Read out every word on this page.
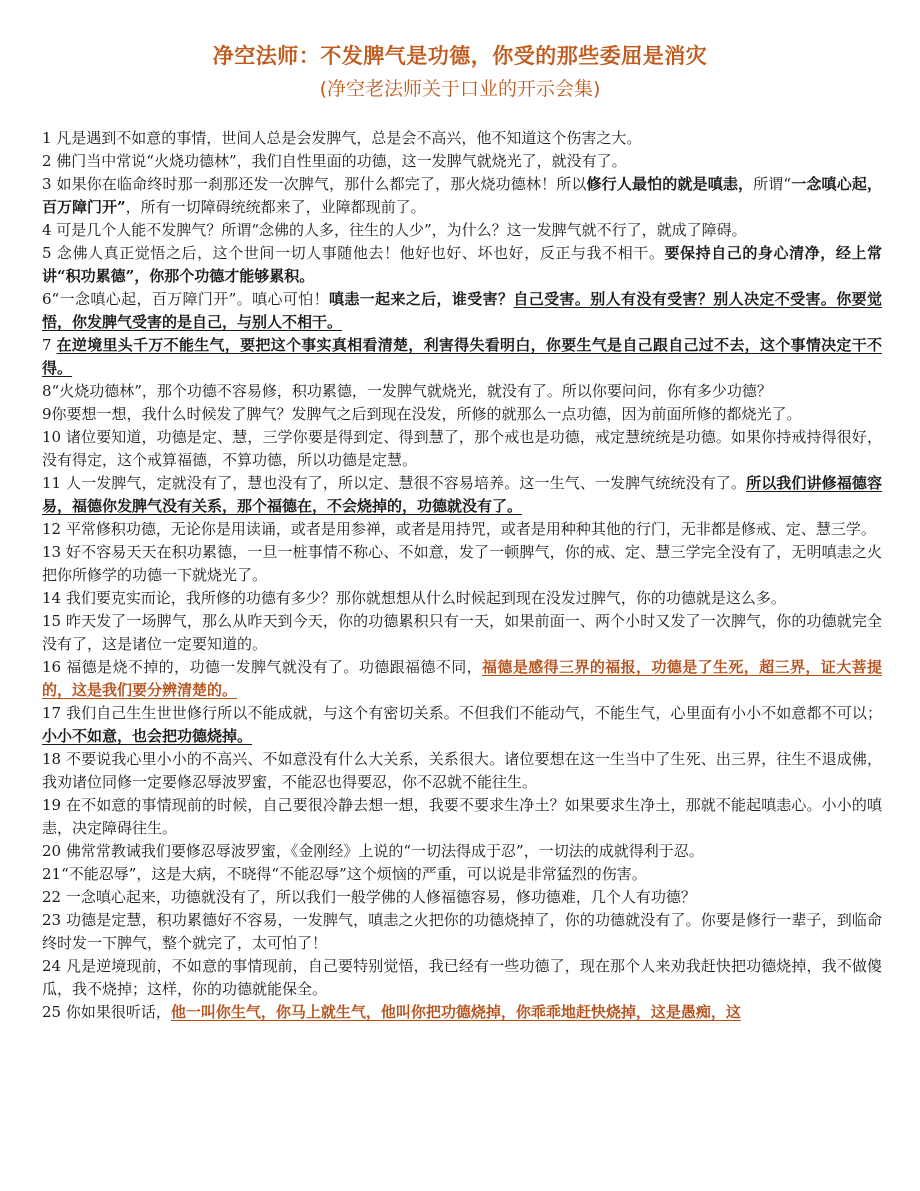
净空法师：不发脾气是功德，你受的那些委屈是消灾
(净空老法师关于口业的开示会集)

1 凡是遇到不如意的事情，世间人总是会发脾气，总是会不高兴，他不知道这个伤害之大。

2 佛门当中常说“火烧功德林”，我们自性里面的功德，这一发脾气就烧光了，就没有了。

3 如果你在临命终时那一刹那还发一次脾气，那什么都完了，那火烧功德林！所以修行人最怕的就是嗔恚，所谓“一念嗔心起，百万障门开”，所有一切障碍统统都来了，业障都现前了。

4 可是几个人能不发脾气？所谓“念佛的人多，往生的人少”，为什么？这一发脾气就不行了，就成了障碍。

5 念佛人真正觉悟之后，这个世间一切人事随他去！他好也好、坏也好，反正与我不相干。要保持自己的身心清净，经上常讲“积功累德”，你那个功德才能够累积。

6“一念嗔心起，百万障门开”。嗔心可怕！嗔恚一起来之后，谁受害？自己受害。别人有没有受害？别人决定不受害。你要觉悟，你发脾气受害的是自己，与别人不相干。

7 在逆境里头千万不能生气，要把这个事实真相看清楚，利害得失看明白，你要生气是自己跟自己过不去，这个事情决定干不得。

8“火烧功德林”，那个功德不容易修，积功累德，一发脾气就烧光，就没有了。所以你要问问，你有多少功德？

9你要想一想，我什么时候发了脾气？发脾气之后到现在没发，所修的就那么一点功德，因为前面所修的都烧光了。

10 诸位要知道，功德是定、慧，三学你要是得到定、得到慧了，那个戒也是功德，戒定慧统统是功德。如果你持戒持得很好，没有得定，这个戒算福德，不算功德，所以功德是定慧。

11 人一发脾气，定就没有了，慧也没有了，所以定、慧很不容易培养。这一生气、一发脾气统统没有了。所以我们讲修福德容易，福德你发脾气没有关系，那个福德在，不会烧掉的，功德就没有了。

12 平常修积功德，无论你是用读诵，或者是用参禅，或者是用持咒，或者是用种种其他的行门，无非都是修戒、定、慧三学。

13 好不容易天天在积功累德，一旦一桩事情不称心、不如意，发了一顿脾气，你的戒、定、慧三学完全没有了，无明嗔恚之火把你所修学的功德一下就烧光了。

14 我们要克实而论，我所修的功德有多少？那你就想想从什么时候起到现在没发过脾气，你的功德就是这么多。

15 昨天发了一场脾气，那么从昨天到今天，你的功德累积只有一天，如果前面一、两个小时又发了一次脾气，你的功德就完全没有了，这是诸位一定要知道的。

16 福德是烧不掉的，功德一发脾气就没有了。功德跟福德不同，福德是感得三界的福报，功德是了生死，超三界，证大菩提的，这是我们要分辨清楚的。

17 我们自己生生世世修行所以不能成就，与这个有密切关系。不但我们不能动气，不能生气，心里面有小小不如意都不可以；小小不如意，也会把功德烧掉。

18 不要说我心里小小的不高兴、不如意没有什么大关系，关系很大。诸位要想在这一生当中了生死、出三界，往生不退成佛，我劝诸位同修一定要修忍辱波罗蜜，不能忍也得要忍，你不忍就不能往生。

19 在不如意的事情现前的时候，自己要很冷静去想一想，我要不要求生净土？如果要求生净土，那就不能起嗔恚心。小小的嗔恚，决定障碍往生。

20 佛常常教诫我们要修忍辱波罗蜜，《金刚经》上说的“一切法得成于忍”，一切法的成就得利于忍。

21“不能忍辱”，这是大病，不晓得“不能忍辱”这个烦恼的严重，可以说是非常猛烈的伤害。

22 一念嗔心起来，功德就没有了，所以我们一般学佛的人修福德容易，修功德难，几个人有功德？

23 功德是定慧，积功累德好不容易，一发脾气，嗔恚之火把你的功德烧掉了，你的功德就没有了。你要是修行一辈子，到临命终时发一下脾气，整个就完了，太可怕了！

24 凡是逆境现前，不如意的事情现前，自己要特别觉悟，我已经有一些功德了，现在那个人来劝我赶快把功德烧掉，我不做傻瓜，我不烧掉；这样，你的功德就能保全。

25 你如果很听话，他一叫你生气，你马上就生气，他叫你把功德烧掉，你乖乖地赶快烧掉，这是愚痴，这
